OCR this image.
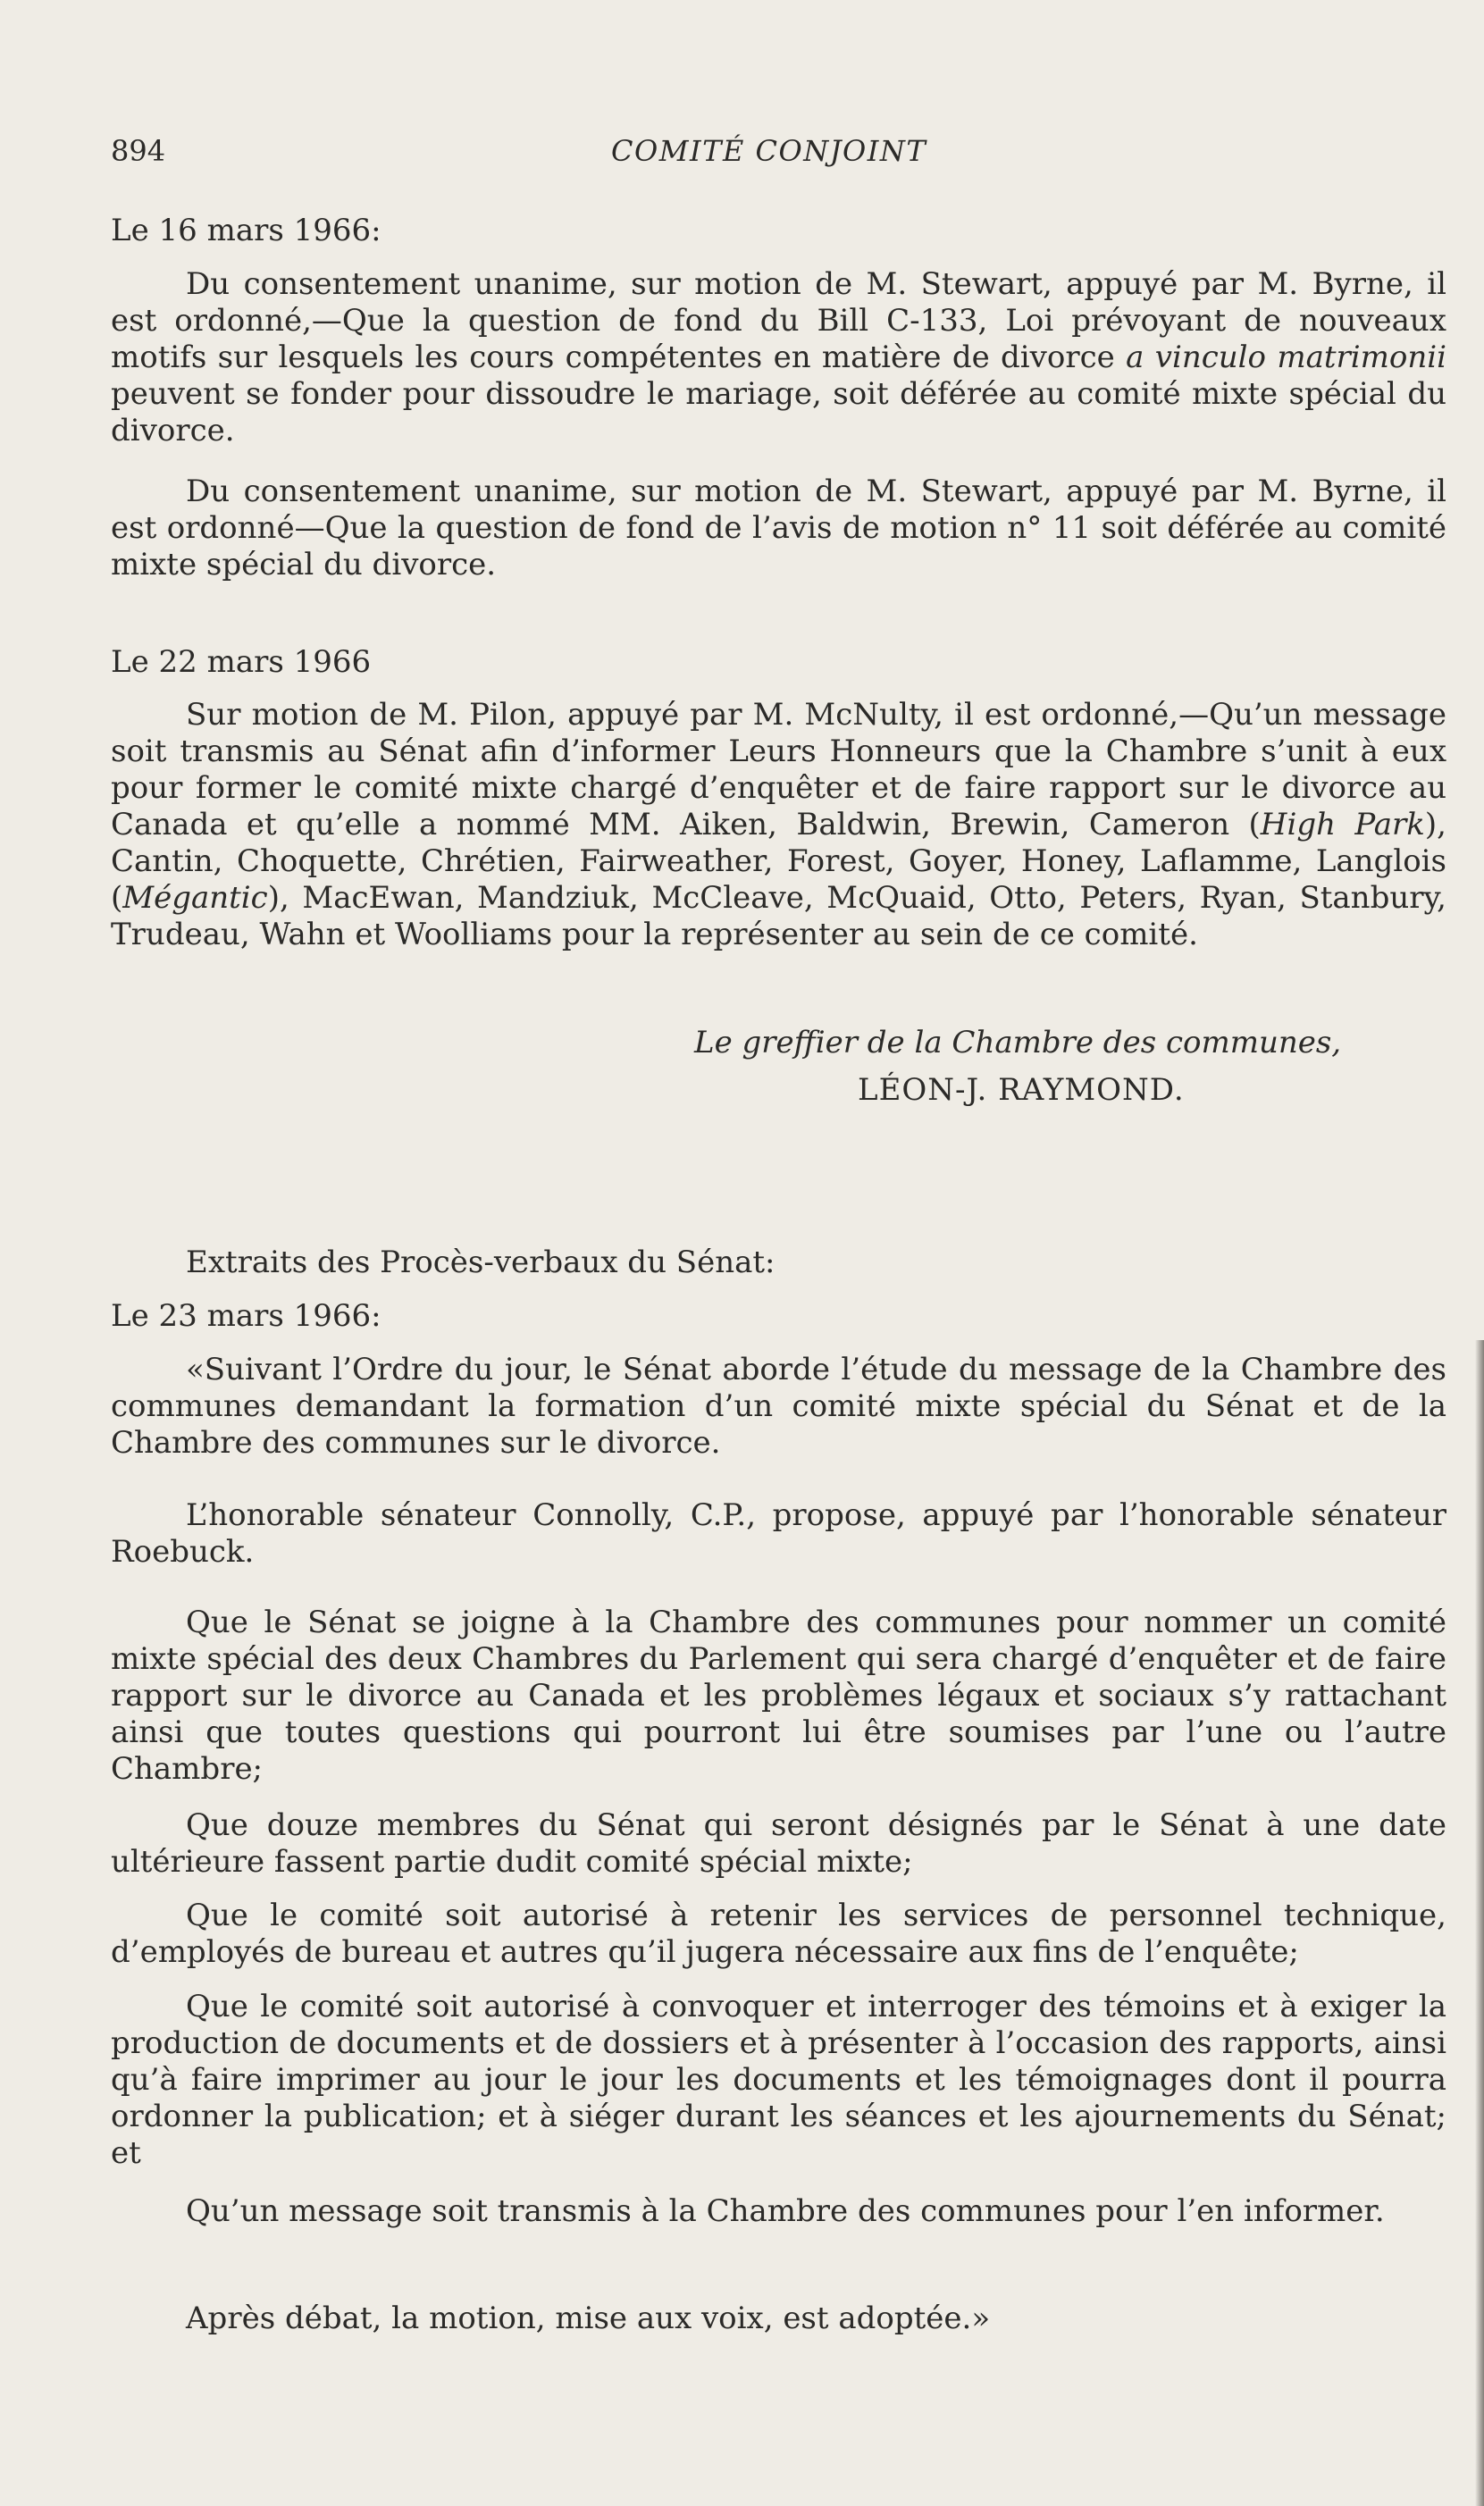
894	COMITÉ CONJOINT

Le 16 mars 1966:

Du consentement unanime, sur motion de M. Stewart, appuyé par M. Byrne, il est ordonné,—Que la question de fond du Bill C-133, Loi prévoyant de nouveaux motifs sur lesquels les cours compétentes en matière de divorce a vinculo matrimonii peuvent se fonder pour dissoudre le mariage, soit déférée au comité mixte spécial du divorce.

Du consentement unanime, sur motion de M. Stewart, appuyé par M. Byrne, il est ordonné—Que la question de fond de l’avis de motion n° 11 soit déférée au comité mixte spécial du divorce.

Le 22 mars 1966

Sur motion de M. Pilon, appuyé par M. McNulty, il est ordonné,—Qu’un message soit transmis au Sénat afin d’informer Leurs Honneurs que la Chambre s’unit à eux pour former le comité mixte chargé d’enquêter et de faire rapport sur le divorce au Canada et qu’elle a nommé MM. Aiken, Baldwin, Brewin, Cameron (High Park), Cantin, Choquette, Chrétien, Fairweather, Forest, Goyer, Honey, Laflamme, Langlois (Mégantic), MacEwan, Mandziuk, McCleave, McQuaid, Otto, Peters, Ryan, Stanbury, Trudeau, Wahn et Woolliams pour la représenter au sein de ce comité.

Le greffier de la Chambre des communes,

LÉON-J. RAYMOND.

Extraits des Procès-verbaux du Sénat:

Le 23 mars 1966:

«Suivant l’Ordre du jour, le Sénat aborde l’étude du message de la Chambre des communes demandant la formation d’un comité mixte spécial du Sénat et de la Chambre des communes sur le divorce.

L’honorable sénateur Connolly, C.P., propose, appuyé par l’honorable sénateur Roebuck.

Que le Sénat se joigne à la Chambre des communes pour nommer un comité mixte spécial des deux Chambres du Parlement qui sera chargé d’enquêter et de faire rapport sur le divorce au Canada et les problèmes légaux et sociaux s’y rattachant ainsi que toutes questions qui pourront lui être soumises par l’une ou l’autre Chambre;

Que douze membres du Sénat qui seront désignés par le Sénat à une date ultérieure fassent partie dudit comité spécial mixte;

Que le comité soit autorisé à retenir les services de personnel technique, d’employés de bureau et autres qu’il jugera nécessaire aux fins de l’enquête;

Que le comité soit autorisé à convoquer et interroger des témoins et à exiger la production de documents et de dossiers et à présenter à l’occasion des rapports, ainsi qu’à faire imprimer au jour le jour les documents et les témoignages dont il pourra ordonner la publication; et à siéger durant les séances et les ajournements du Sénat; et

Qu’un message soit transmis à la Chambre des communes pour l’en informer.

Après débat, la motion, mise aux voix, est adoptée.»
